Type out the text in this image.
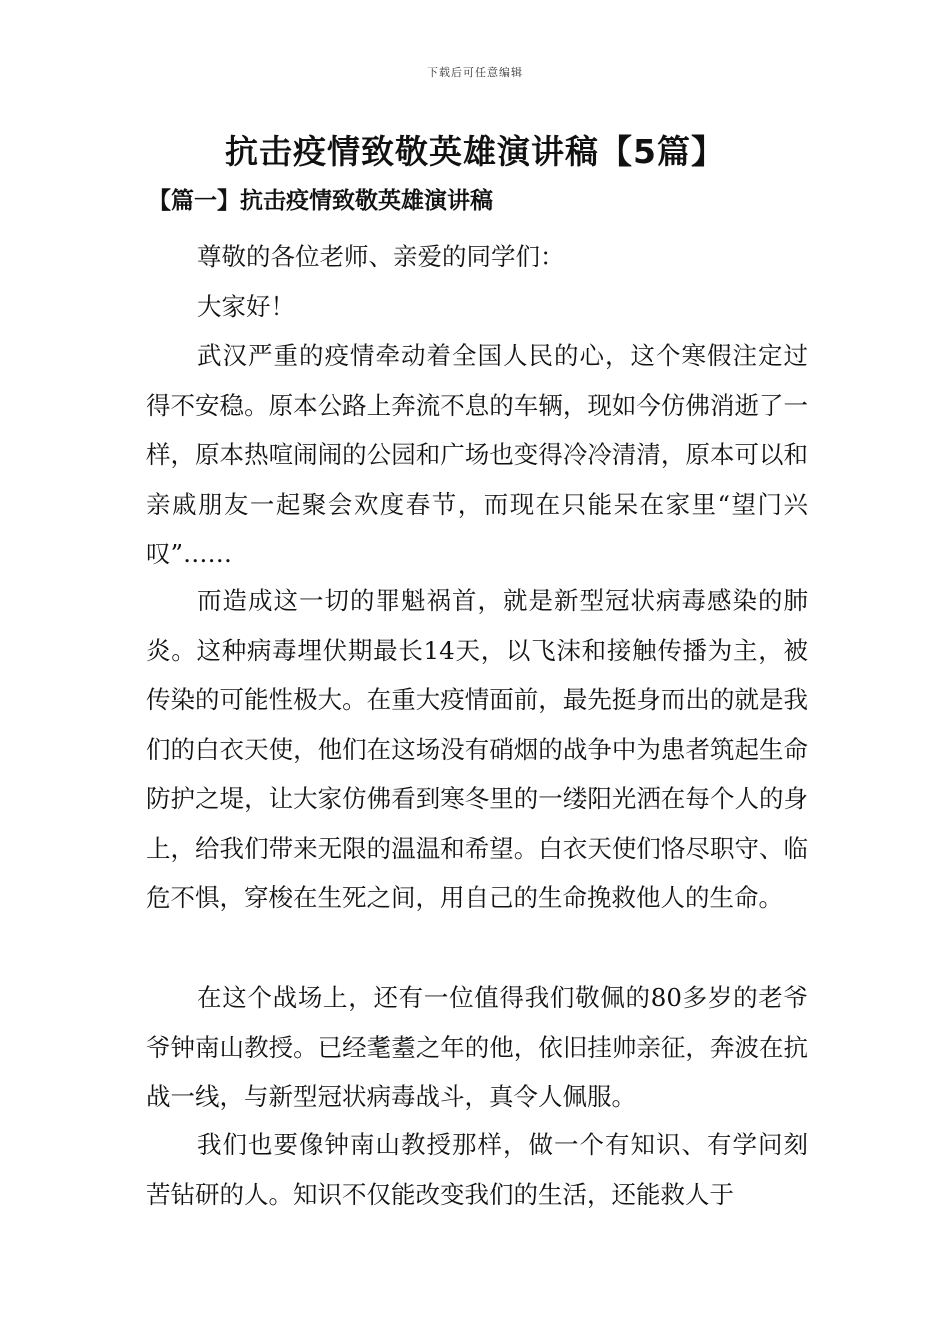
下载后可任意编辑
抗击疫情致敬英雄演讲稿【5篇】
【篇一】抗击疫情致敬英雄演讲稿

尊敬的各位老师、亲爱的同学们：

大家好！

武汉严重的疫情牵动着全国人民的心，这个寒假注定过得不安稳。原本公路上奔流不息的车辆，现如今仿佛消逝了一样，原本热喧闹闹的公园和广场也变得冷冷清清，原本可以和亲戚朋友一起聚会欢度春节，而现在只能呆在家里“望门兴叹”……

而造成这一切的罪魁祸首，就是新型冠状病毒感染的肺炎。这种病毒埋伏期最长14天，以飞沫和接触传播为主，被传染的可能性极大。在重大疫情面前，最先挺身而出的就是我们的白衣天使，他们在这场没有硝烟的战争中为患者筑起生命防护之堤，让大家仿佛看到寒冬里的一缕阳光洒在每个人的身上，给我们带来无限的温温和希望。白衣天使们恪尽职守、临危不惧，穿梭在生死之间，用自己的生命挽救他人的生命。

在这个战场上，还有一位值得我们敬佩的80多岁的老爷爷钟南山教授。已经耄耋之年的他，依旧挂帅亲征，奔波在抗战一线，与新型冠状病毒战斗，真令人佩服。

我们也要像钟南山教授那样，做一个有知识、有学问刻苦钻研的人。知识不仅能改变我们的生活，还能救人于
